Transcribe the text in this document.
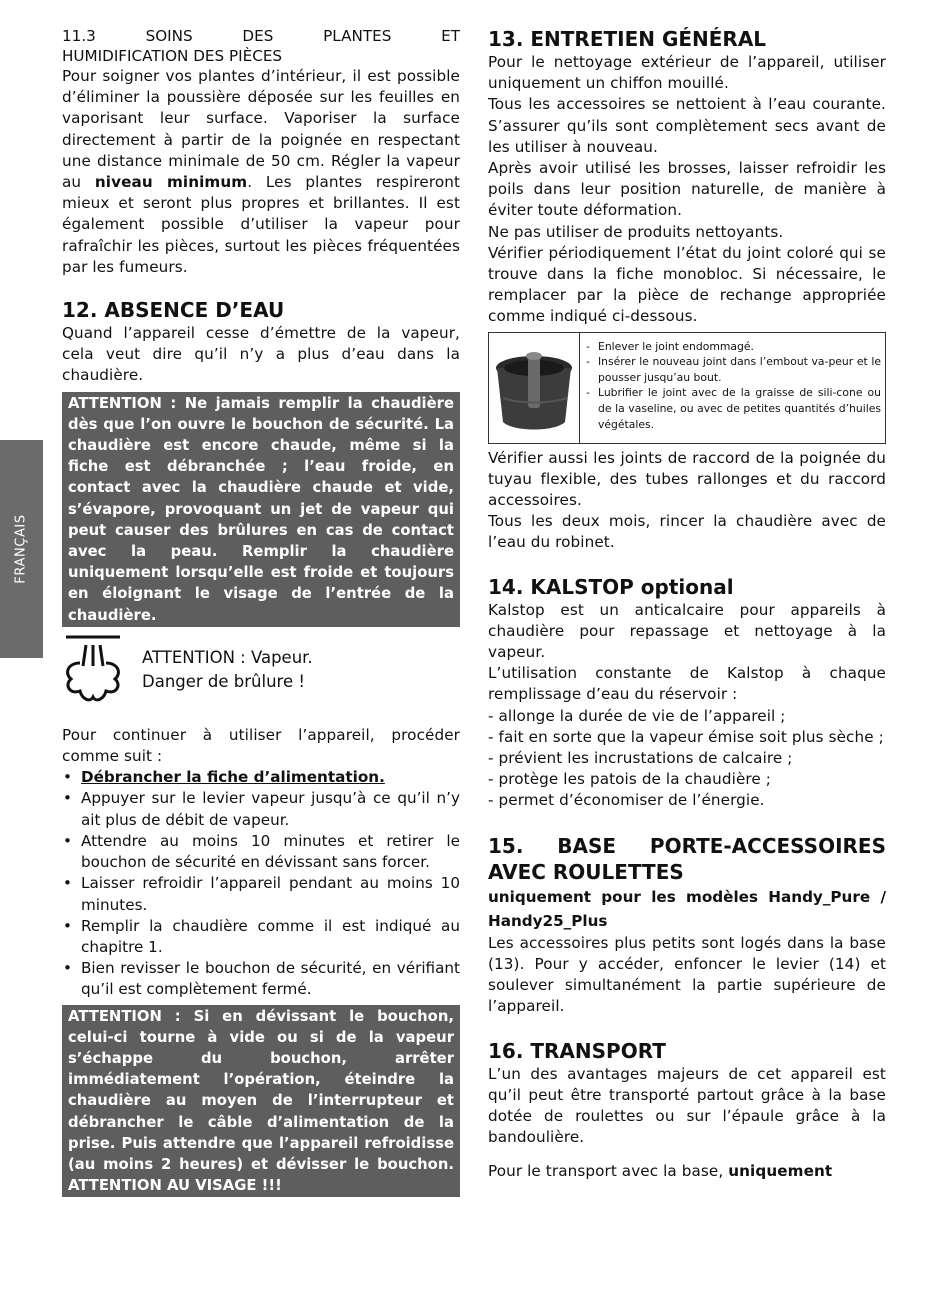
FRANÇAIS
11.3 SOINS DES PLANTES ET
HUMIDIFICATION DES PIÈCES

Pour soigner vos plantes d’intérieur, il est possible d’éliminer la poussière déposée sur les feuilles en vaporisant leur surface. Vaporiser la surface directement à partir de la poignée en respectant une distance minimale de 50 cm. Régler la vapeur au niveau minimum. Les plantes respireront mieux et seront plus propres et brillantes. Il est également possible d’utiliser la vapeur pour rafraîchir les pièces, surtout les pièces fréquentées par les fumeurs.

12. ABSENCE D’EAU

Quand l’appareil cesse d’émettre de la vapeur, cela veut dire qu’il n’y a plus d’eau dans la chaudière.

ATTENTION : Ne jamais remplir la chaudière dès que l’on ouvre le bouchon de sécurité. La chaudière est encore chaude, même si la fiche est débranchée ; l’eau froide, en contact avec la chaudière chaude et vide, s’évapore, provoquant un jet de vapeur qui peut causer des brûlures en cas de contact avec la peau. Remplir la chaudière uniquement lorsqu’elle est froide et toujours en éloignant le visage de l’entrée de la chaudière.

ATTENTION : Vapeur.
Danger de brûlure !

Pour continuer à utiliser l’appareil, procéder comme suit :

• Débrancher la fiche d’alimentation.
• Appuyer sur le levier vapeur jusqu’à ce qu’il n’y ait plus de débit de vapeur.
• Attendre au moins 10 minutes et retirer le bouchon de sécurité en dévissant sans forcer.
• Laisser refroidir l’appareil pendant au moins 10 minutes.
• Remplir la chaudière comme il est indiqué au chapitre 1.
• Bien revisser le bouchon de sécurité, en vérifiant qu’il est complètement fermé.

ATTENTION : Si en dévissant le bouchon, celui-ci tourne à vide ou si de la vapeur s’échappe du bouchon, arrêter immédiatement l’opération, éteindre la chaudière au moyen de l’interrupteur et débrancher le câble d’alimentation de la prise. Puis attendre que l’appareil refroidisse (au moins 2 heures) et dévisser le bouchon. ATTENTION AU VISAGE !!!

13. ENTRETIEN GÉNÉRAL

Pour le nettoyage extérieur de l’appareil, utiliser uniquement un chiffon mouillé.

Tous les accessoires se nettoient à l’eau courante. S’assurer qu’ils sont complètement secs avant de les utiliser à nouveau.

Après avoir utilisé les brosses, laisser refroidir les poils dans leur position naturelle, de manière à éviter toute déformation.

Ne pas utiliser de produits nettoyants.

Vérifier périodiquement l’état du joint coloré qui se trouve dans la fiche monobloc. Si nécessaire, le remplacer par la pièce de rechange appropriée comme indiqué ci-dessous.

- Enlever le joint endommagé.
- Insérer le nouveau joint dans l’embout va-peur et le pousser jusqu’au bout.
- Lubrifier le joint avec de la graisse de sili-cone ou de la vaseline, ou avec de petites quantités d’huiles végétales.

Vérifier aussi les joints de raccord de la poignée du tuyau flexible, des tubes rallonges et du raccord accessoires.

Tous les deux mois, rincer la chaudière avec de l’eau du robinet.

14. KALSTOP optional

Kalstop est un anticalcaire pour appareils à chaudière pour repassage et nettoyage à la vapeur.

L’utilisation constante de Kalstop à chaque remplissage d’eau du réservoir :

- allonge la durée de vie de l’appareil ;

- fait en sorte que la vapeur émise soit plus sèche ;

- prévient les incrustations de calcaire ;

- protège les patois de la chaudière ;

- permet d’économiser de l’énergie.

15. BASE PORTE-ACCESSOIRES
AVEC ROULETTES

uniquement pour les modèles Handy_Pure /
Handy25_Plus

Les accessoires plus petits sont logés dans la base (13). Pour y accéder, enfoncer le levier (14) et soulever simultanément la partie supérieure de l’appareil.

16. TRANSPORT

L’un des avantages majeurs de cet appareil est qu’il peut être transporté partout grâce à la base dotée de roulettes ou sur l’épaule grâce à la bandoulière.

Pour le transport avec la base, uniquement
